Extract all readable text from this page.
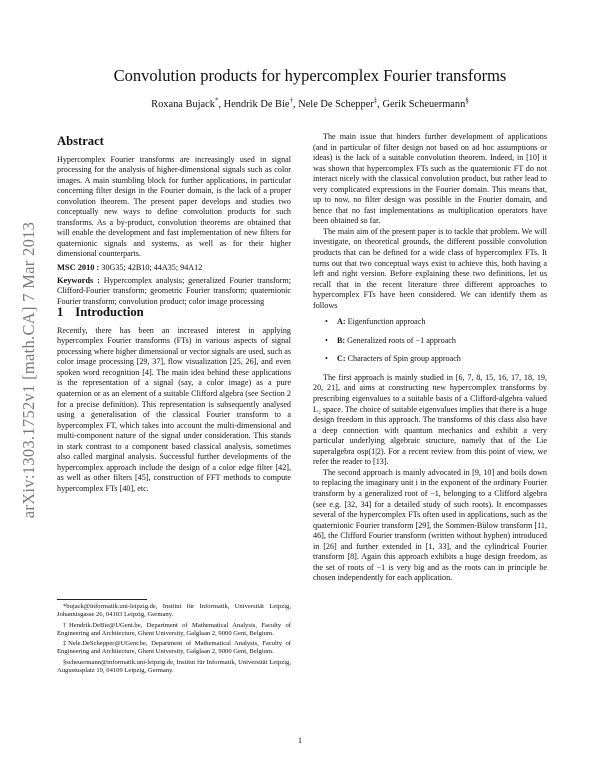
arXiv:1303.1752v1 [math.CA] 7 Mar 2013
Convolution products for hypercomplex Fourier transforms
Roxana Bujack*, Hendrik De Bie†, Nele De Schepper‡, Gerik Scheuermann§
Abstract

Hypercomplex Fourier transforms are increasingly used in signal processing for the analysis of higher-dimensional signals such as color images. A main stumbling block for further applications, in particular concerning filter design in the Fourier domain, is the lack of a proper convolution theorem. The present paper develops and studies two conceptually new ways to define convolution products for such transforms. As a by-product, convolution theorems are obtained that will enable the development and fast implementation of new filters for quaternionic signals and systems, as well as for their higher dimensional counterparts.

MSC 2010 : 30G35; 42B10; 44A35; 94A12

Keywords : Hypercomplex analysis; generalized Fourier transform; Clifford-Fourier transform; geometric Fourier transform; quaternionic Fourier transform; convolution product; color image processing

1 Introduction

Recently, there has been an increased interest in applying hypercomplex Fourier transforms (FTs) in various aspects of signal processing where higher dimensional or vector signals are used, such as color image processing [29, 37], flow visualization [25, 26], and even spoken word recognition [4]. The main idea behind these applications is the representation of a signal (say, a color image) as a pure quaternion or as an element of a suitable Clifford algebra (see Section 2 for a precise definition). This representation is subsequently analysed using a generalisation of the classical Fourier transform to a hypercomplex FT, which takes into account the multi-dimensional and multi-component nature of the signal under consideration. This stands in stark contrast to a component based classical analysis, sometimes also called marginal analysis. Successful further developments of the hypercomplex approach include the design of a color edge filter [42], as well as other filters [45], construction of FFT methods to compute hypercomplex FTs [40], etc.

The main issue that hinders further development of applications (and in particular of filter design not based on ad hoc assumptions or ideas) is the lack of a suitable convolution theorem. Indeed, in [10] it was shown that hypercomplex FTs such as the quaternionic FT do not interact nicely with the classical convolution product, but rather lead to very complicated expressions in the Fourier domain. This means that, up to now, no filter design was possible in the Fourier domain, and hence that no fast implementations as multiplication operators have been obtained so far.

The main aim of the present paper is to tackle that problem. We will investigate, on theoretical grounds, the different possible convolution products that can be defined for a wide class of hypercomplex FTs. It turns out that two conceptual ways exist to achieve this, both having a left and right version. Before explaining these two definitions, let us recall that in the recent literature three different approaches to hypercomplex FTs have been considered. We can identify them as follows

• A: Eigenfunction approach
• B: Generalized roots of −1 approach
• C: Characters of Spin group approach

The first approach is mainly studied in [6, 7, 8, 15, 16, 17, 18, 19, 20, 21], and aims at constructing new hypercomplex transforms by prescribing eigenvalues to a suitable basis of a Clifford-algebra valued L₂ space. The choice of suitable eigenvalues implies that there is a huge design freedom in this approach. The transforms of this class also have a deep connection with quantum mechanics and exhibit a very particular underlying algebraic structure, namely that of the Lie superalgebra osp(1|2). For a recent review from this point of view, we refer the reader to [13].

The second approach is mainly advocated in [9, 10] and boils down to replacing the imaginary unit i in the exponent of the ordinary Fourier transform by a generalized root of −1, belonging to a Clifford algebra (see e.g. [32, 34] for a detailed study of such roots). It encompasses several of the hypercomplex FTs often used in applications, such as the quaternionic Fourier transform [29], the Sommen-Bülow transform [11, 46], the Clifford Fourier transform (written without hyphen) introduced in [26] and further extended in [1, 33], and the cylindrical Fourier transform [8]. Again this approach exhibits a huge design freedom, as the set of roots of −1 is very big and as the roots can in principle be chosen independently for each application.

*bujack@informatik.uni-leipzig.de, Institut für Informatik, Universität Leipzig, Johannisgasse 26, 04103 Leipzig, Germany.

†Hendrik.DeBie@UGent.be, Department of Mathematical Analysis, Faculty of Engineering and Architecture, Ghent University, Galglaan 2, 9000 Gent, Belgium.

‡Nele.DeSchepper@UGent.be, Department of Mathematical Analysis, Faculty of Engineering and Architecture, Ghent University, Galglaan 2, 9000 Gent, Belgium.

§scheuermann@informatik.uni-leipzig.de, Institut für Informatik, Universität Leipzig, Augustusplatz 10, 04109 Leipzig, Germany.

1
